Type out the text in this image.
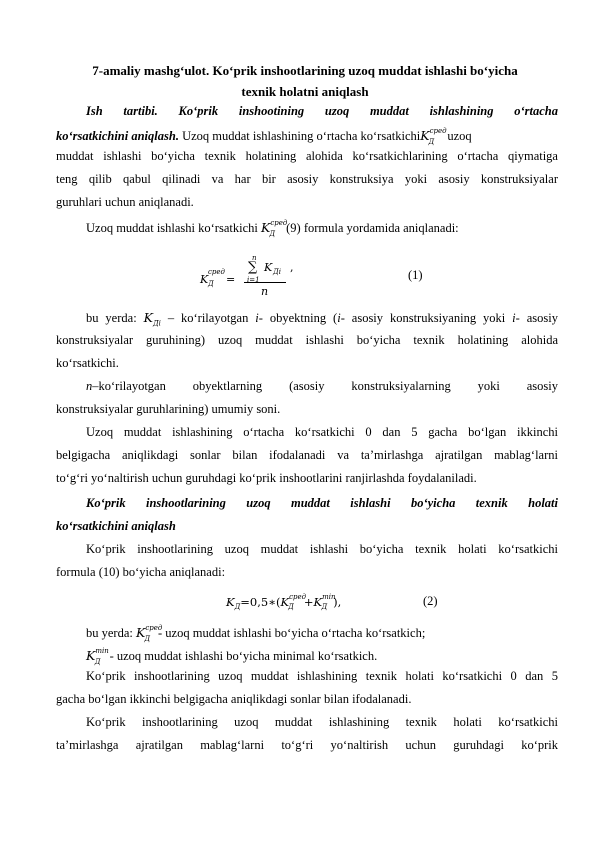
7-amaliy mashg‘ulot. Ko‘prik inshootlarining uzoq muddat ishlashi bo‘yicha
texnik holatni aniqlash
Ish tartibi. Ko‘prik inshootining uzoq muddat ishlashining o‘rtacha
ko‘rsatkichini aniqlash. Uzoq muddat ishlashining o‘rtacha ko‘rsatkichiK$^{сред}_Д$ uzoq
muddat ishlashi bo‘yicha texnik holatining alohida ko‘rsatkichlarining o‘rtacha qiymatiga
teng qilib qabul qilinadi va har bir asosiy konstruksiya yoki asosiy konstruksiyalar
guruhlari uchun aniqlanadi.
Uzoq muddat ishlashi ko‘rsatkichi $K^{сред}_Д$ (9) formula yordamida aniqlanadi:
K
сред
Д =
n
∑
i=1
K Дi ,
n
(1)
bu yerda: $K_{Дi}$ – ko‘rilayotgan i- obyektning (i- asosiy konstruksiyaning yoki i- asosiy
konstruksiyalar guruhining) uzoq muddat ishlashi bo‘yicha texnik holatining alohida
ko‘rsatkichi.
n–ko‘rilayotgan obyektlarning (asosiy konstruksiyalarning yoki asosiy
konstruksiyalar guruhlarining) umumiy soni.
Uzoq muddat ishlashining o‘rtacha ko‘rsatkichi 0 dan 5 gacha bo‘lgan ikkinchi
belgigacha aniqlikdagi sonlar bilan ifodalanadi va ta’mirlashga ajratilgan mablag‘larni
to‘g‘ri yo‘naltirish uchun guruhdagi ko‘prik inshootlarini ranjirlashda foydalaniladi.
Ko‘prik inshootlarining uzoq muddat ishlashi bo‘yicha texnik holati
ko‘rsatkichini aniqlash
Ko‘prik inshootlarining uzoq muddat ishlashi bo‘yicha texnik holati ko‘rsatkichi
formula (10) bo‘yicha aniqlanadi:
$K_Д=0,5∗(K^{сред}_Д +K^{min}_Д$ ),	(2)
bu yerda: $K^{сред}_Д$ - uzoq muddat ishlashi bo‘yicha o‘rtacha ko‘rsatkich;
$K^{min}_Д$ - uzoq muddat ishlashi bo‘yicha minimal ko‘rsatkich.
Ko‘prik inshootlarining uzoq muddat ishlashining texnik holati ko‘rsatkichi 0 dan 5
gacha bo‘lgan ikkinchi belgigacha aniqlikdagi sonlar bilan ifodalanadi.
Ko‘prik inshootlarining uzoq muddat ishlashining texnik holati ko‘rsatkichi
ta’mirlashga ajratilgan mablag‘larni to‘g‘ri yo‘naltirish uchun guruhdagi ko‘prik
